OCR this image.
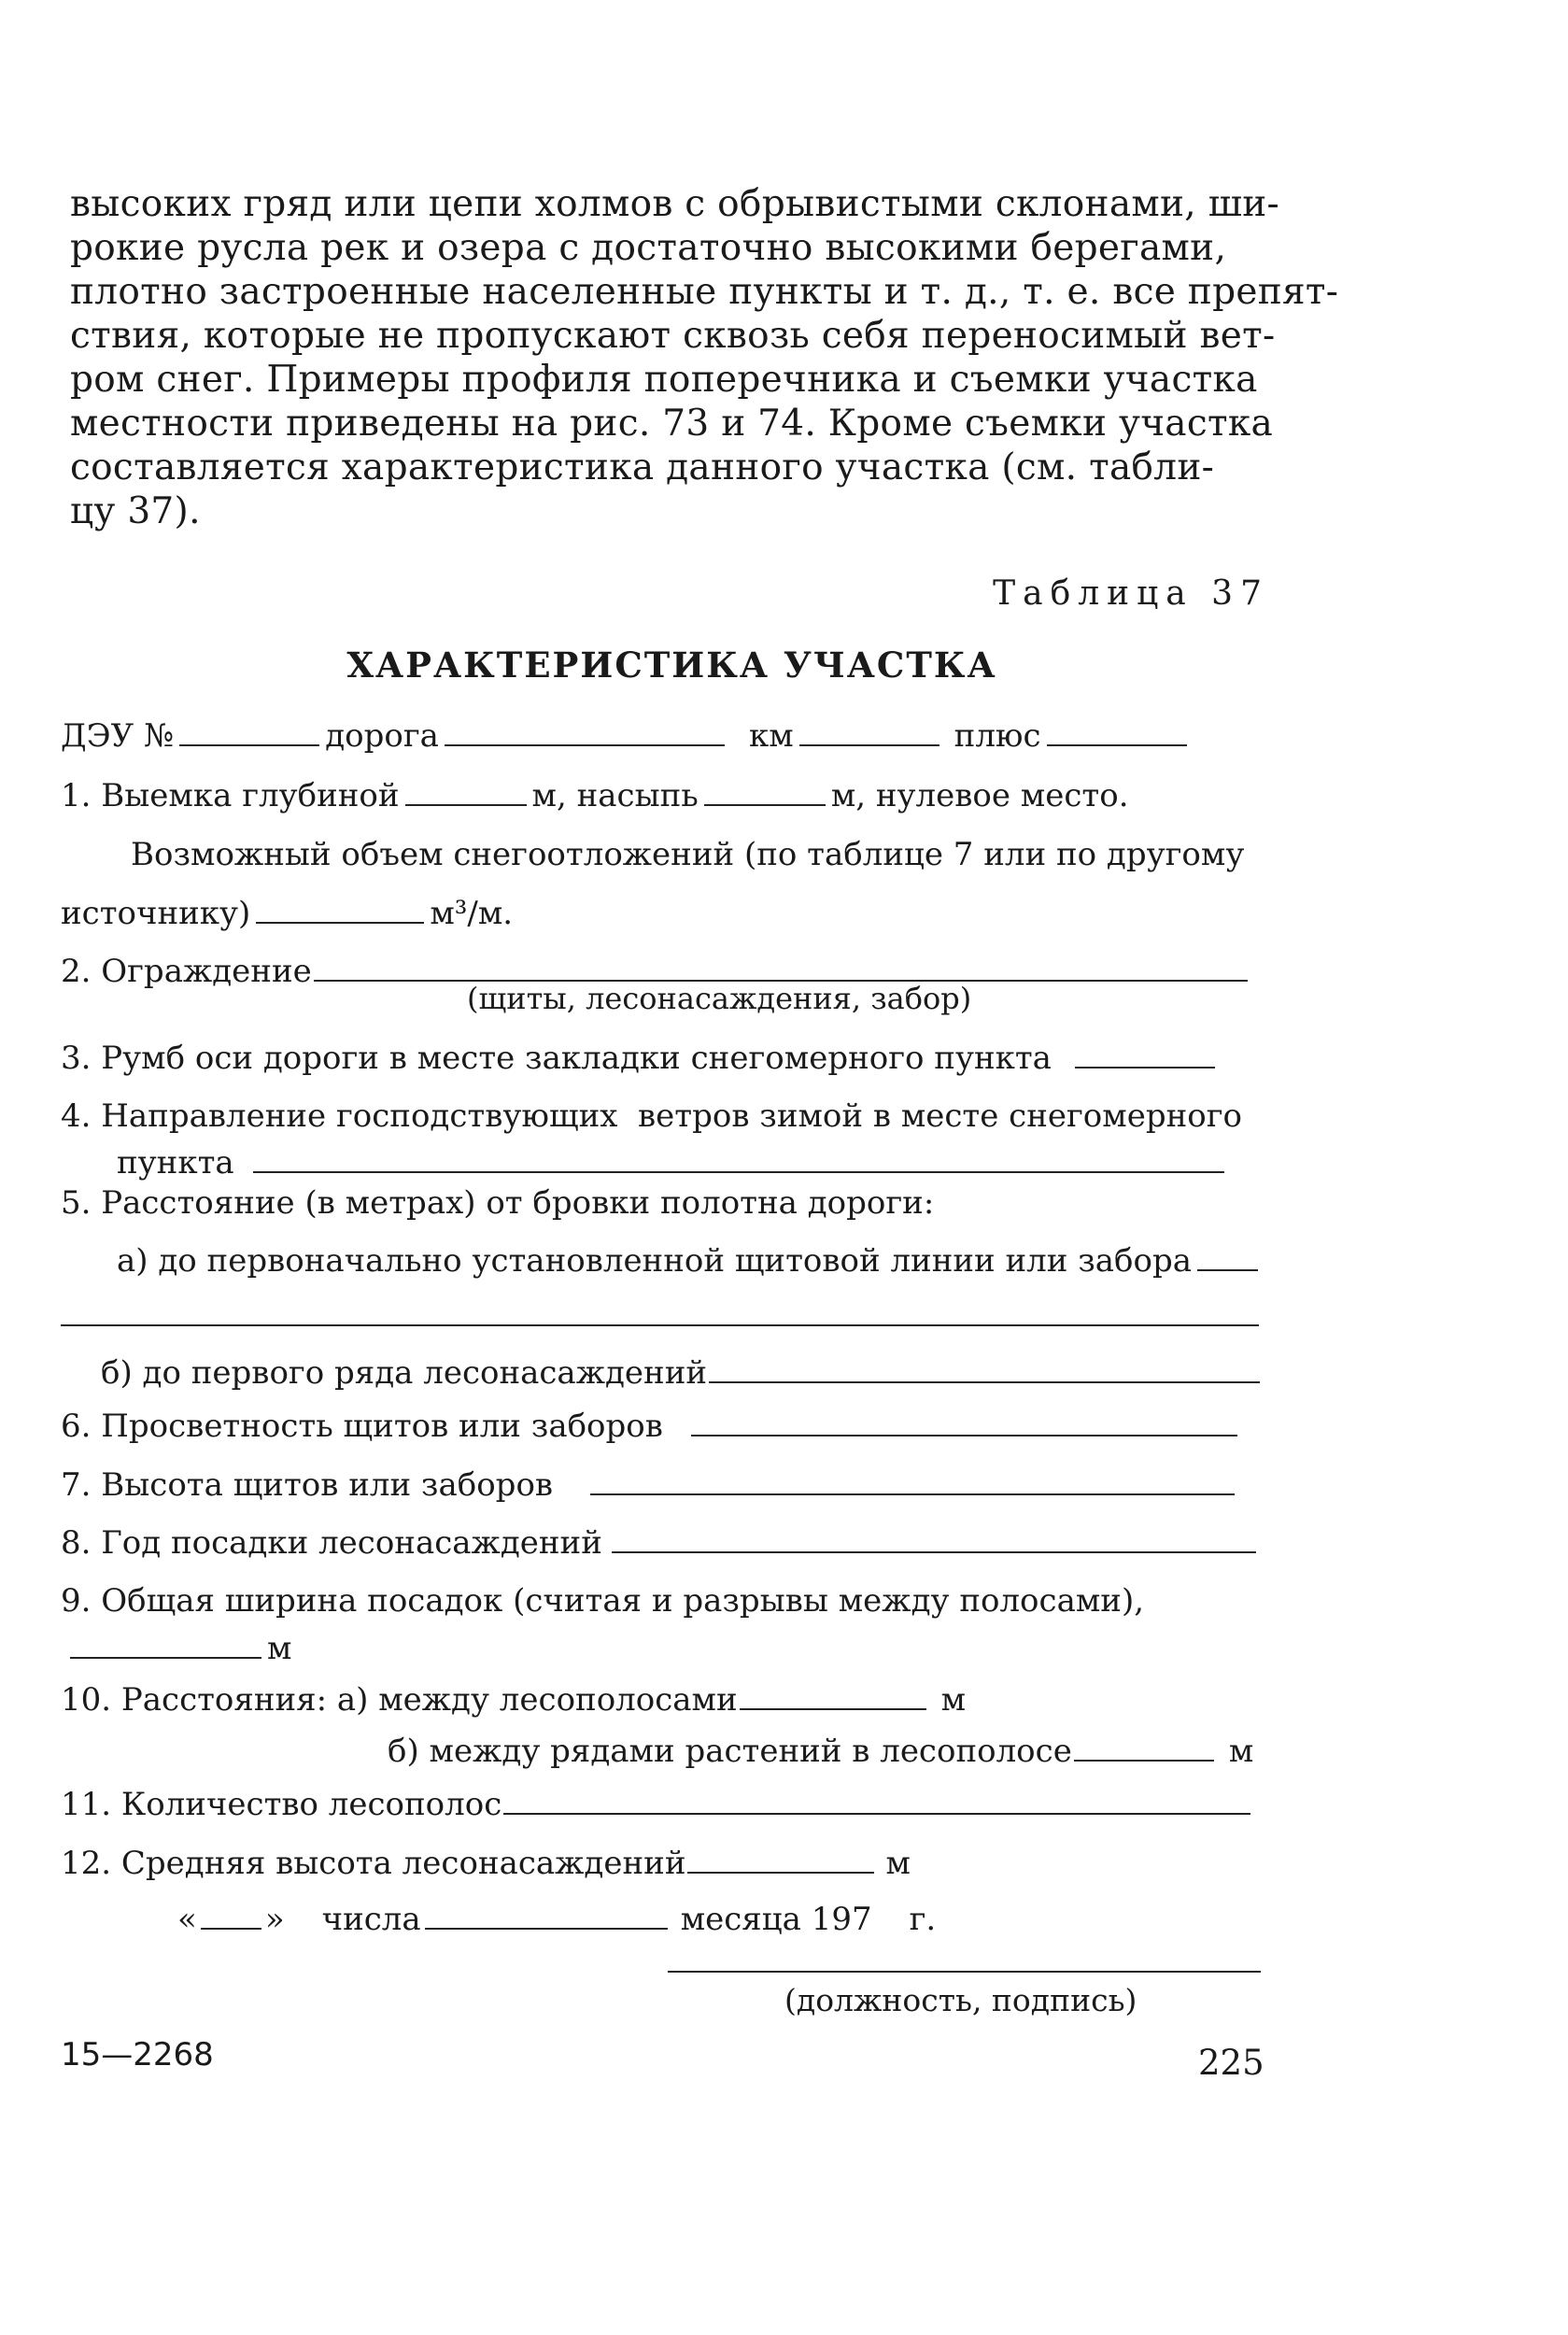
высоких гряд или цепи холмов с обрывистыми склонами, ши-
рокие русла рек и озера с достаточно высокими берегами,
плотно застроенные населенные пункты и т. д., т. е. все препят-
ствия, которые не пропускают сквозь себя переносимый вет-
ром снег. Примеры профиля поперечника и съемки участка
местности приведены на рис. 73 и 74. Кроме съемки участка
составляется характеристика данного участка (см. табли-
цу 37).
Таблица 37
ХАРАКТЕРИСТИКА УЧАСТКА
ДЭУ №	дорога	км	плюс
1. Выемка глубиной	м, насыпь	м, нулевое место.
Возможный объем снегоотложений (по таблице 7 или по другому
источнику)	м³/м.
2. Ограждение
(щиты, лесонасаждения, забор)
3. Румб оси дороги в месте закладки снегомерного пункта
4. Направление господствующих  ветров зимой в месте снегомерного
пункта
5. Расстояние (в метрах) от бровки полотна дороги:
а) до первоначально установленной щитовой линии или забора
б) до первого ряда лесонасаждений
6. Просветность щитов или заборов
7. Высота щитов или заборов
8. Год посадки лесонасаждений
9. Общая ширина посадок (считая и разрывы между полосами),
м
10. Расстояния: а) между лесополосами	м
б) между рядами растений в лесополосе	м
11. Количество лесополос
12. Средняя высота лесонасаждений	м
« » числа	месяца 197 г.
(должность, подпись)
15—2268	225
